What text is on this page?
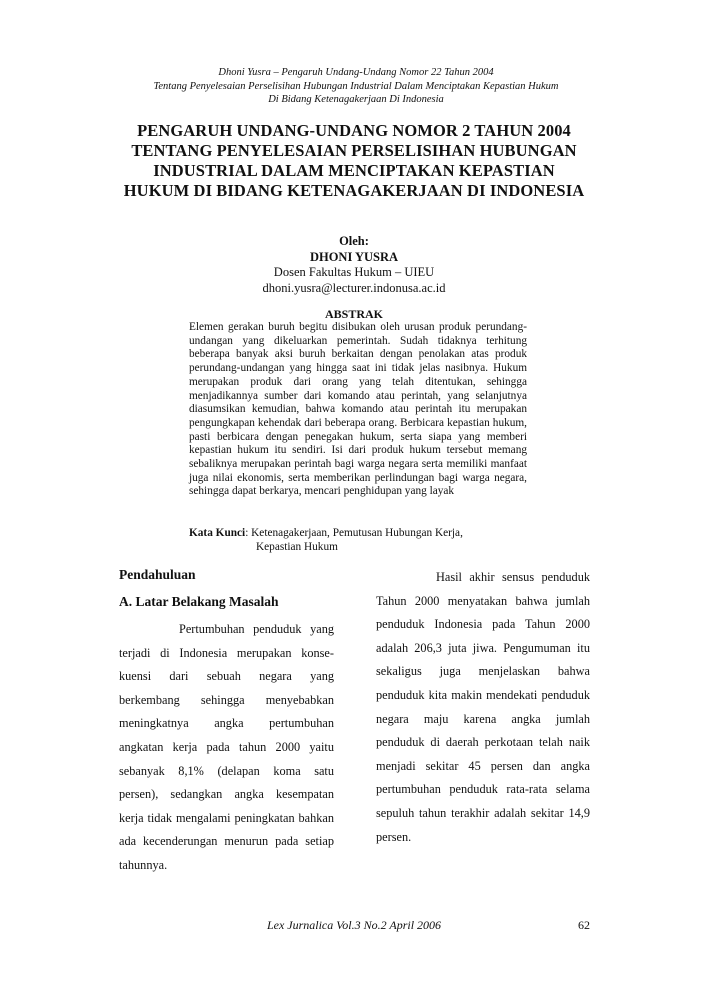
Dhoni Yusra – Pengaruh Undang-Undang Nomor 22 Tahun 2004
Tentang Penyelesaian Perselisihan Hubungan Industrial Dalam Menciptakan Kepastian Hukum
Di Bidang Ketenagakerjaan Di Indonesia
PENGARUH UNDANG-UNDANG NOMOR 2 TAHUN 2004
TENTANG PENYELESAIAN PERSELISIHAN HUBUNGAN
INDUSTRIAL DALAM MENCIPTAKAN KEPASTIAN
HUKUM DI BIDANG KETENAGAKERJAAN DI INDONESIA
Oleh:
DHONI YUSRA
Dosen Fakultas Hukum – UIEU
dhoni.yusra@lecturer.indonusa.ac.id
ABSTRAK
Elemen gerakan buruh begitu disibukan oleh urusan produk perundang-undangan yang dikeluarkan pemerintah. Sudah tidaknya terhitung beberapa banyak aksi buruh berkaitan dengan penolakan atas produk perundang-undangan yang hingga saat ini tidak jelas nasibnya. Hukum merupakan produk dari orang yang telah ditentukan, sehingga menjadikannya sumber dari komando atau perintah, yang selanjutnya diasumsikan kemudian, bahwa komando atau perintah itu merupakan pengungkapan kehendak dari beberapa orang. Berbicara kepastian hukum, pasti berbicara dengan penegakan hukum, serta siapa yang memberi kepastian hukum itu sendiri. Isi dari produk hukum tersebut memang sebaliknya merupakan perintah bagi warga negara serta memiliki manfaat juga nilai ekonomis, serta memberikan perlindungan bagi warga negara, sehingga dapat berkarya, mencari penghidupan yang layak
Kata Kunci: Ketenagakerjaan, Pemutusan Hubungan Kerja,
Kepastian Hukum
Pendahuluan
A. Latar Belakang Masalah

Pertumbuhan penduduk yang terjadi di Indonesia merupakan konse-kuensi dari sebuah negara yang berkembang sehingga menyebabkan meningkatnya angka pertumbuhan angkatan kerja pada tahun 2000 yaitu sebanyak 8,1% (delapan koma satu persen), sedangkan angka kesempatan kerja tidak mengalami peningkatan bahkan ada kecenderungan menurun pada setiap tahunnya.

Hasil akhir sensus penduduk Tahun 2000 menyatakan bahwa jumlah penduduk Indonesia pada Tahun 2000 adalah 206,3 juta jiwa. Pengumuman itu sekaligus juga menjelaskan bahwa penduduk kita makin mendekati penduduk negara maju karena angka jumlah penduduk di daerah perkotaan telah naik menjadi sekitar 45 persen dan angka pertumbuhan penduduk rata-rata selama sepuluh tahun terakhir adalah sekitar 14,9 persen.

Lex Jurnalica Vol.3 No.2 April 2006	62
